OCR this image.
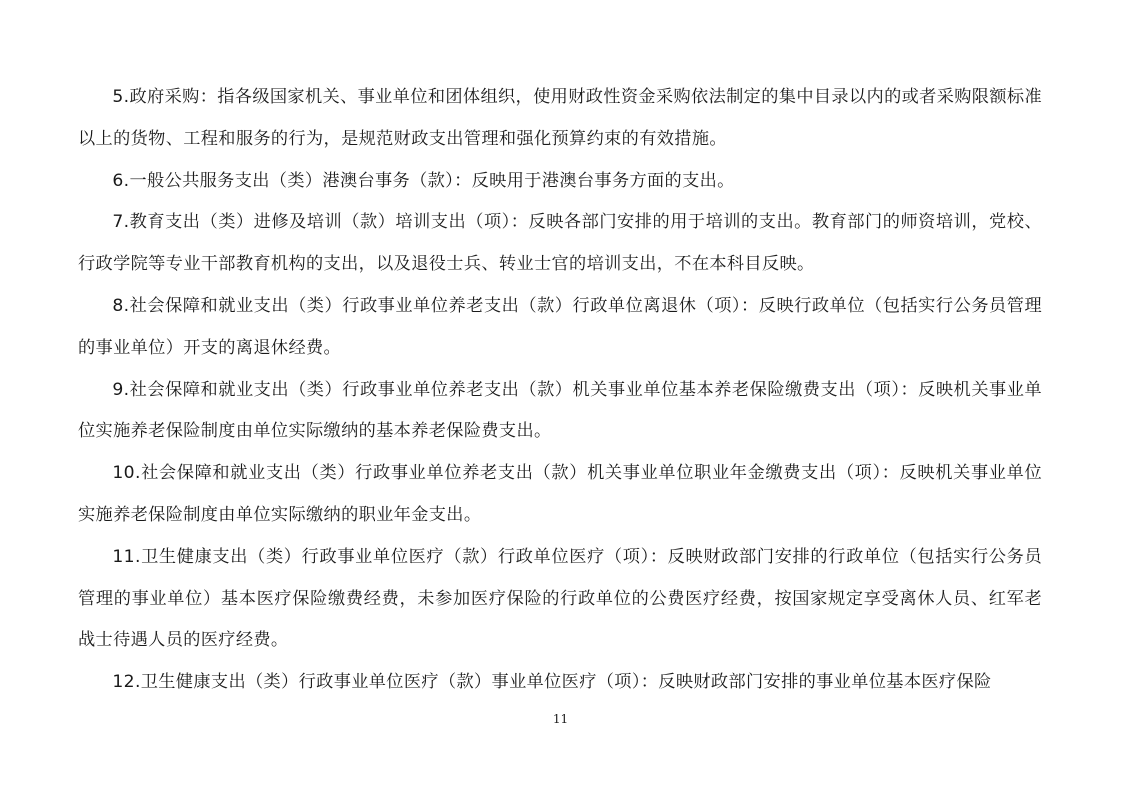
5.政府采购：指各级国家机关、事业单位和团体组织，使用财政性资金采购依法制定的集中目录以内的或者采购限额标准以上的货物、工程和服务的行为，是规范财政支出管理和强化预算约束的有效措施。

6.一般公共服务支出（类）港澳台事务（款）：反映用于港澳台事务方面的支出。

7.教育支出（类）进修及培训（款）培训支出（项）：反映各部门安排的用于培训的支出。教育部门的师资培训，党校、行政学院等专业干部教育机构的支出，以及退役士兵、转业士官的培训支出，不在本科目反映。

8.社会保障和就业支出（类）行政事业单位养老支出（款）行政单位离退休（项）：反映行政单位（包括实行公务员管理的事业单位）开支的离退休经费。

9.社会保障和就业支出（类）行政事业单位养老支出（款）机关事业单位基本养老保险缴费支出（项）：反映机关事业单位实施养老保险制度由单位实际缴纳的基本养老保险费支出。

10.社会保障和就业支出（类）行政事业单位养老支出（款）机关事业单位职业年金缴费支出（项）：反映机关事业单位实施养老保险制度由单位实际缴纳的职业年金支出。

11.卫生健康支出（类）行政事业单位医疗（款）行政单位医疗（项）：反映财政部门安排的行政单位（包括实行公务员管理的事业单位）基本医疗保险缴费经费，未参加医疗保险的行政单位的公费医疗经费，按国家规定享受离休人员、红军老战士待遇人员的医疗经费。

12.卫生健康支出（类）行政事业单位医疗（款）事业单位医疗（项）：反映财政部门安排的事业单位基本医疗保险

11
